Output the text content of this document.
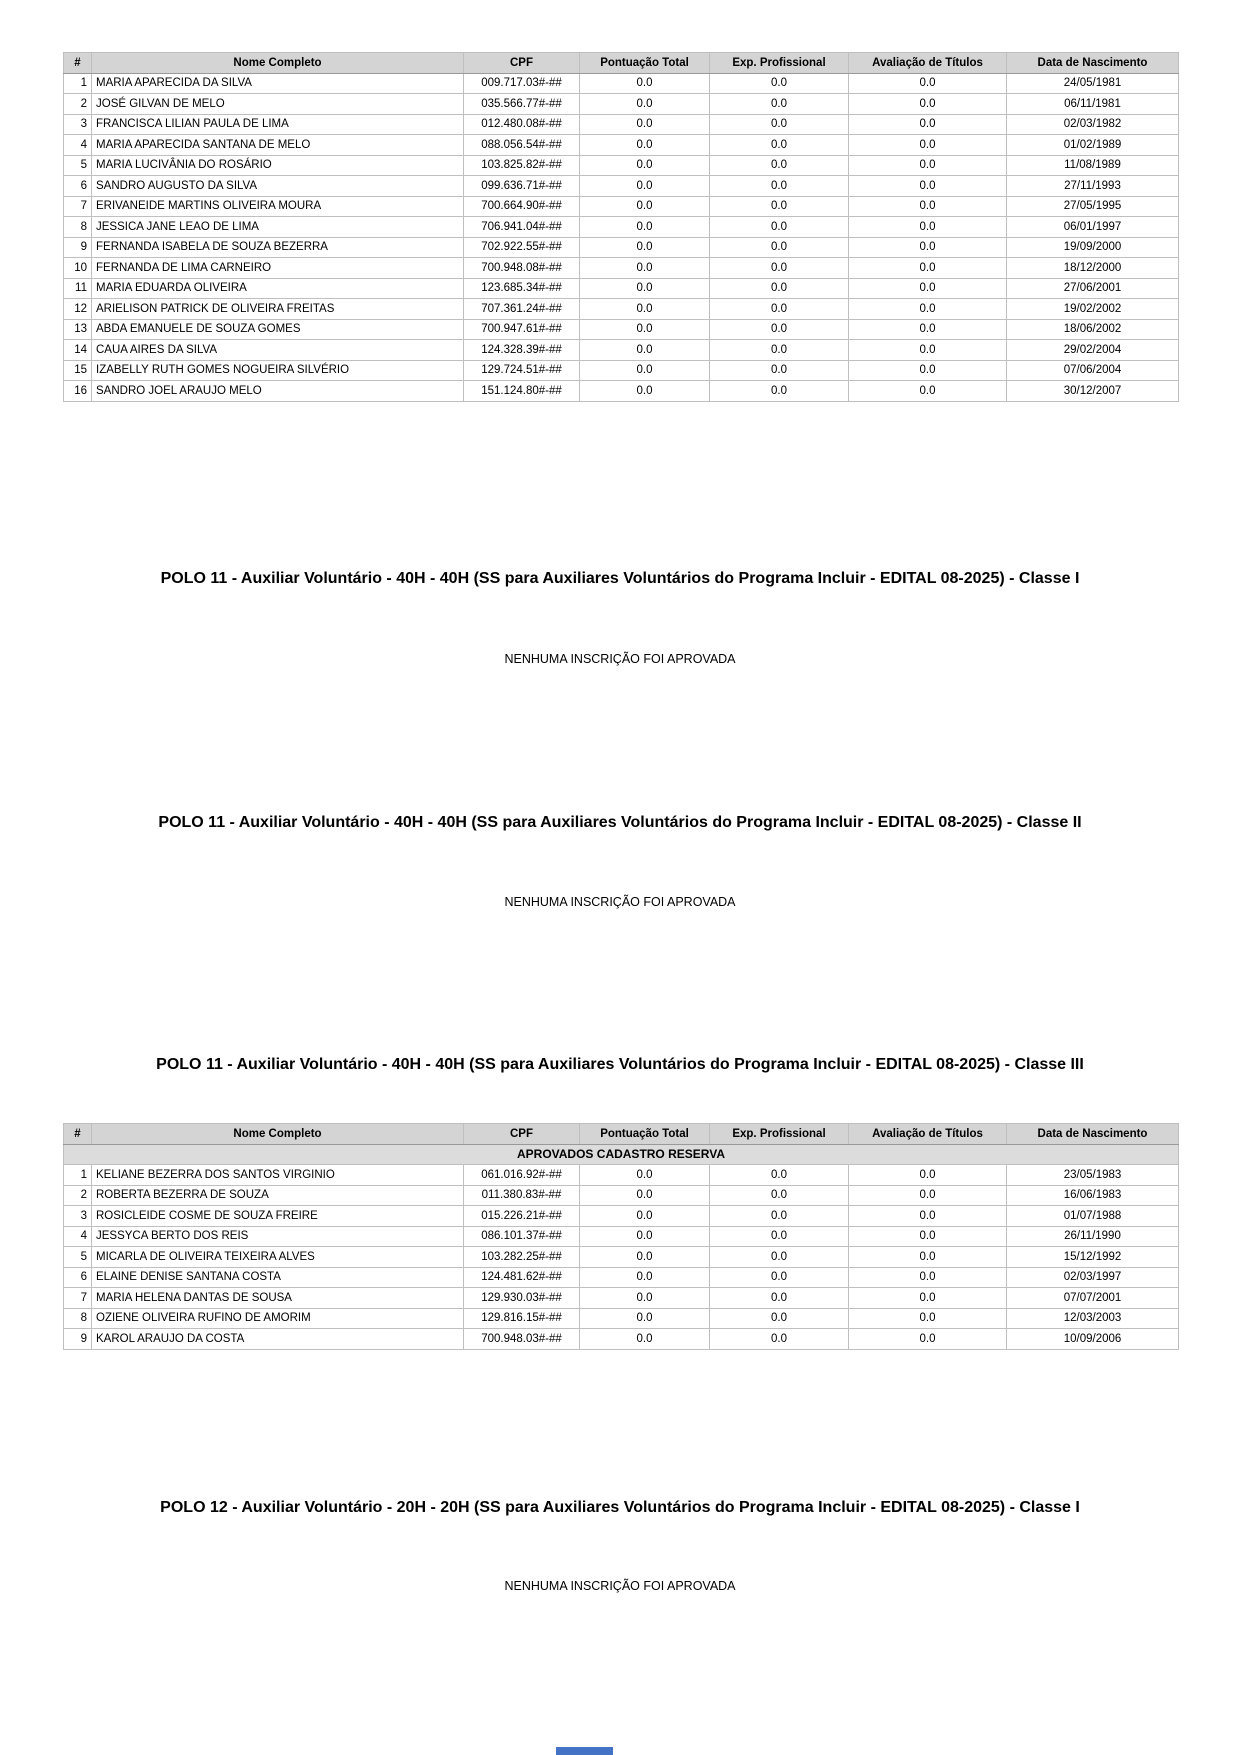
#	Nome Completo	CPF	Pontuação Total	Exp. Profissional	Avaliação de Títulos	Data de Nascimento
1	MARIA APARECIDA DA SILVA	009.717.03#-##	0.0	0.0	0.0	24/05/1981
2	JOSÉ GILVAN DE MELO	035.566.77#-##	0.0	0.0	0.0	06/11/1981
3	FRANCISCA LILIAN PAULA DE LIMA	012.480.08#-##	0.0	0.0	0.0	02/03/1982
4	MARIA APARECIDA SANTANA DE MELO	088.056.54#-##	0.0	0.0	0.0	01/02/1989
5	MARIA LUCIVÂNIA DO ROSÁRIO	103.825.82#-##	0.0	0.0	0.0	11/08/1989
6	SANDRO AUGUSTO DA SILVA	099.636.71#-##	0.0	0.0	0.0	27/11/1993
7	ERIVANEIDE MARTINS OLIVEIRA MOURA	700.664.90#-##	0.0	0.0	0.0	27/05/1995
8	JESSICA JANE LEAO DE LIMA	706.941.04#-##	0.0	0.0	0.0	06/01/1997
9	FERNANDA ISABELA DE SOUZA BEZERRA	702.922.55#-##	0.0	0.0	0.0	19/09/2000
10	FERNANDA DE LIMA CARNEIRO	700.948.08#-##	0.0	0.0	0.0	18/12/2000
11	MARIA EDUARDA OLIVEIRA	123.685.34#-##	0.0	0.0	0.0	27/06/2001
12	ARIELISON PATRICK DE OLIVEIRA FREITAS	707.361.24#-##	0.0	0.0	0.0	19/02/2002
13	ABDA EMANUELE DE SOUZA GOMES	700.947.61#-##	0.0	0.0	0.0	18/06/2002
14	CAUA AIRES DA SILVA	124.328.39#-##	0.0	0.0	0.0	29/02/2004
15	IZABELLY RUTH GOMES NOGUEIRA SILVÉRIO	129.724.51#-##	0.0	0.0	0.0	07/06/2004
16	SANDRO JOEL ARAUJO MELO	151.124.80#-##	0.0	0.0	0.0	30/12/2007
POLO 11 - Auxiliar Voluntário - 40H - 40H (SS para Auxiliares Voluntários do Programa Incluir - EDITAL 08-2025) - Classe I
NENHUMA INSCRIÇÃO FOI APROVADA
POLO 11 - Auxiliar Voluntário - 40H - 40H (SS para Auxiliares Voluntários do Programa Incluir - EDITAL 08-2025) - Classe II
NENHUMA INSCRIÇÃO FOI APROVADA
POLO 11 - Auxiliar Voluntário - 40H - 40H (SS para Auxiliares Voluntários do Programa Incluir - EDITAL 08-2025) - Classe III
#	Nome Completo	CPF	Pontuação Total	Exp. Profissional	Avaliação de Títulos	Data de Nascimento
APROVADOS CADASTRO RESERVA						
1	KELIANE BEZERRA DOS SANTOS VIRGINIO	061.016.92#-##	0.0	0.0	0.0	23/05/1983
2	ROBERTA BEZERRA DE SOUZA	011.380.83#-##	0.0	0.0	0.0	16/06/1983
3	ROSICLEIDE COSME DE SOUZA FREIRE	015.226.21#-##	0.0	0.0	0.0	01/07/1988
4	JESSYCA BERTO DOS REIS	086.101.37#-##	0.0	0.0	0.0	26/11/1990
5	MICARLA DE OLIVEIRA TEIXEIRA ALVES	103.282.25#-##	0.0	0.0	0.0	15/12/1992
6	ELAINE DENISE SANTANA COSTA	124.481.62#-##	0.0	0.0	0.0	02/03/1997
7	MARIA HELENA DANTAS DE SOUSA	129.930.03#-##	0.0	0.0	0.0	07/07/2001
8	OZIENE OLIVEIRA RUFINO DE AMORIM	129.816.15#-##	0.0	0.0	0.0	12/03/2003
9	KAROL ARAUJO DA COSTA	700.948.03#-##	0.0	0.0	0.0	10/09/2006
POLO 12 - Auxiliar Voluntário - 20H - 20H (SS para Auxiliares Voluntários do Programa Incluir - EDITAL 08-2025) - Classe I
NENHUMA INSCRIÇÃO FOI APROVADA
